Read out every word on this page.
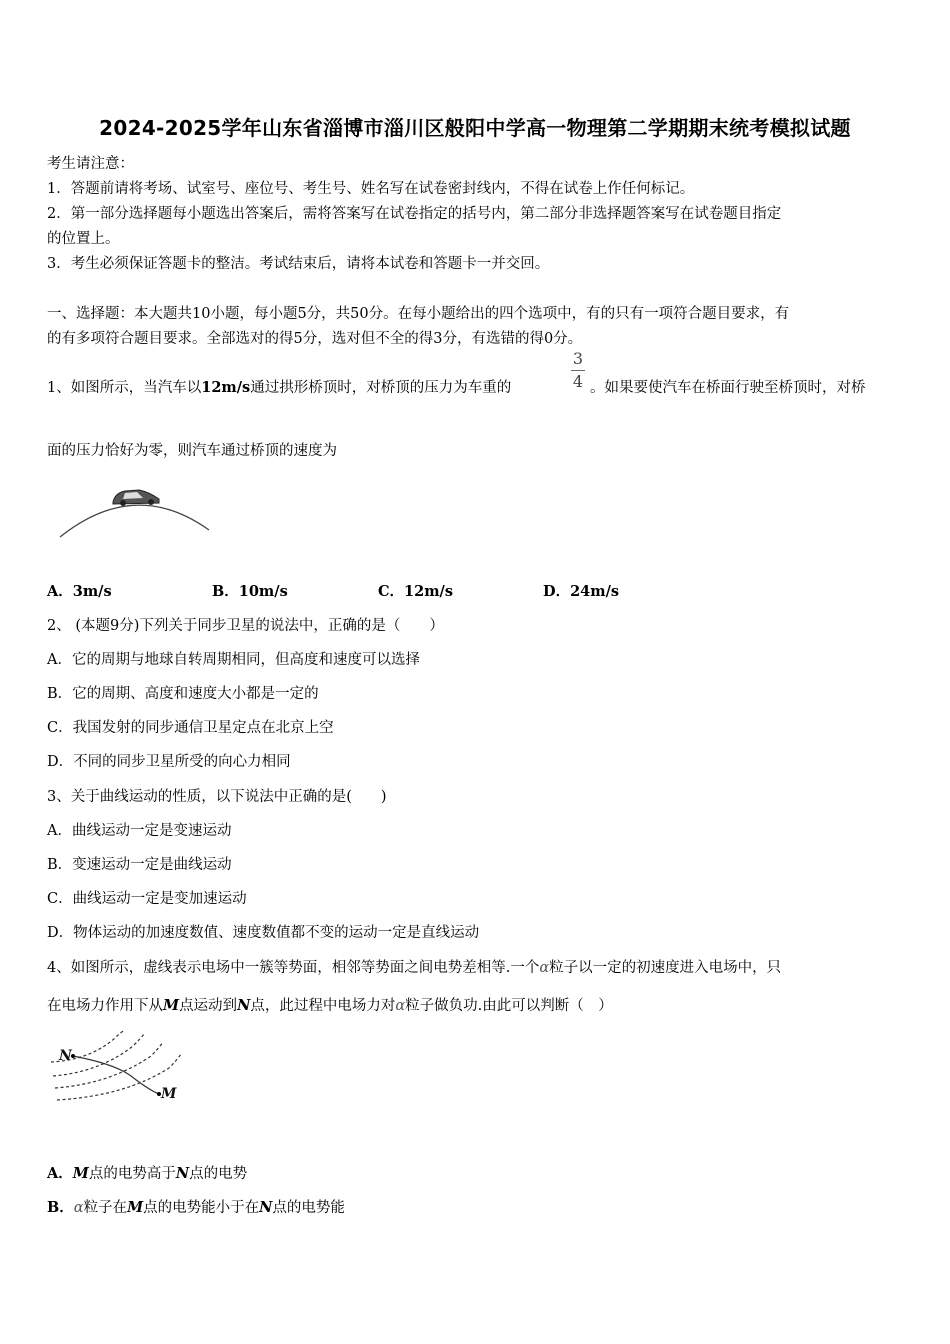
2024-2025学年山东省淄博市淄川区般阳中学高一物理第二学期期末统考模拟试题
考生请注意：
1．答题前请将考场、试室号、座位号、考生号、姓名写在试卷密封线内，不得在试卷上作任何标记。
2．第一部分选择题每小题选出答案后，需将答案写在试卷指定的括号内，第二部分非选择题答案写在试卷题目指定
的位置上。
3．考生必须保证答题卡的整洁。考试结束后，请将本试卷和答题卡一并交回。
一、选择题：本大题共10小题，每小题5分，共50分。在每小题给出的四个选项中，有的只有一项符合题目要求，有
的有多项符合题目要求。全部选对的得5分，选对但不全的得3分，有选错的得0分。
1、如图所示，当汽车以12m/s通过拱形桥顶时，对桥顶的压力为车重的
3
4 。如果要使汽车在桥面行驶至桥顶时，对桥
面的压力恰好为零，则汽车通过桥顶的速度为
A．3m/s	B．10m/s	C．12m/s	D．24m/s
2、 (本题9分)下列关于同步卫星的说法中，正确的是（　　）
A．它的周期与地球自转周期相同，但高度和速度可以选择
B．它的周期、高度和速度大小都是一定的
C．我国发射的同步通信卫星定点在北京上空
D．不同的同步卫星所受的向心力相同
3、关于曲线运动的性质，以下说法中正确的是(　　)
A．曲线运动一定是变速运动
B．变速运动一定是曲线运动
C．曲线运动一定是变加速运动
D．物体运动的加速度数值、速度数值都不变的运动一定是直线运动
4、如图所示，虚线表示电场中一簇等势面，相邻等势面之间电势差相等.一个α粒子以一定的初速度进入电场中，只
在电场力作用下从M点运动到N点，此过程中电场力对α粒子做负功.由此可以判断（　）
N
M
A．M点的电势高于N点的电势
B．α粒子在M点的电势能小于在N点的电势能
